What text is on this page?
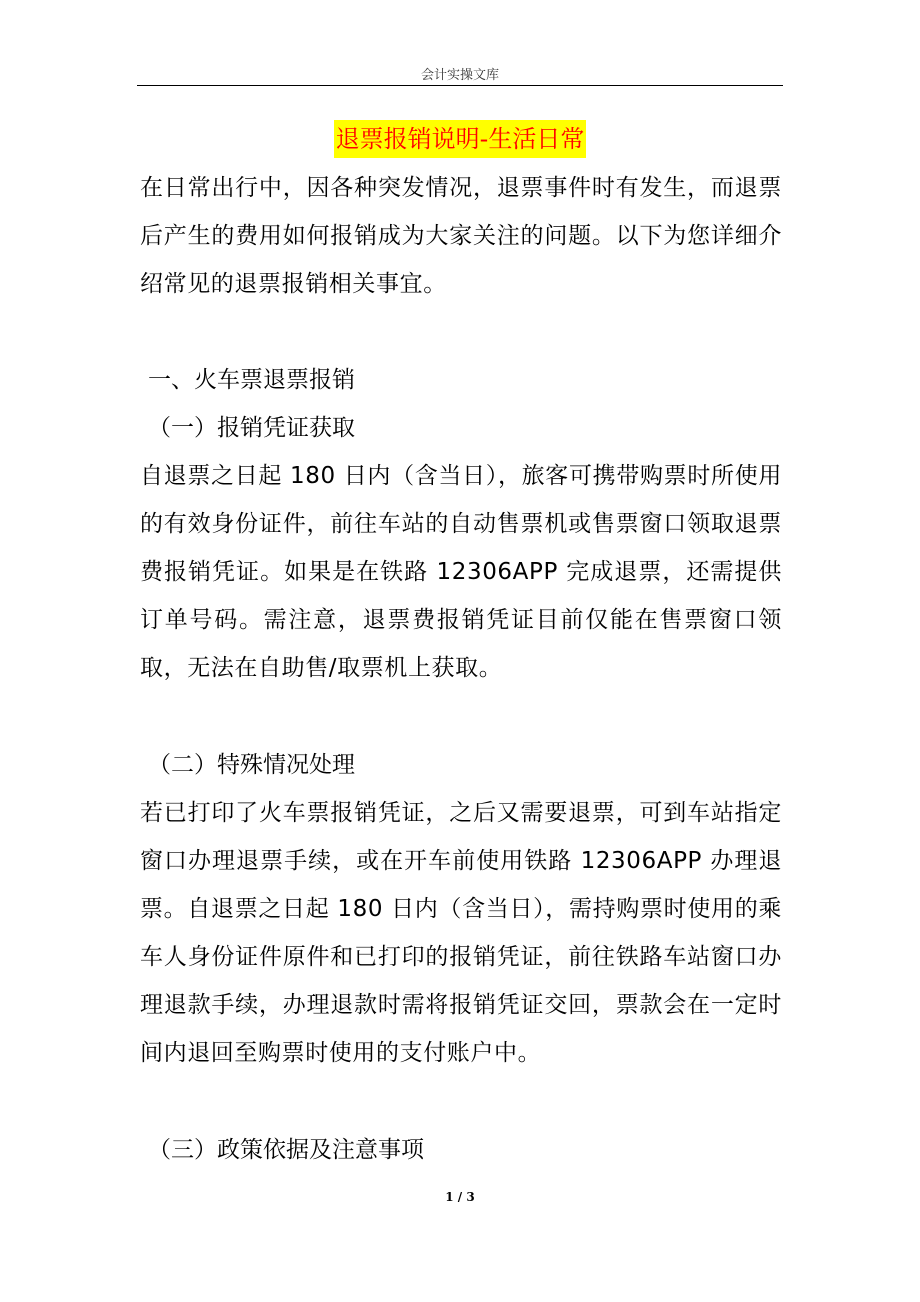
会计实操文库
退票报销说明-生活日常

在日常出行中，因各种突发情况，退票事件时有发生，而退票后产生的费用如何报销成为大家关注的问题。以下为您详细介绍常见的退票报销相关事宜。

一、火车票退票报销
（一）报销凭证获取

自退票之日起 180 日内（含当日），旅客可携带购票时所使用的有效身份证件，前往车站的自动售票机或售票窗口领取退票费报销凭证。如果是在铁路 12306APP 完成退票，还需提供订单号码。需注意，退票费报销凭证目前仅能在售票窗口领取，无法在自助售/取票机上获取。

（二）特殊情况处理

若已打印了火车票报销凭证，之后又需要退票，可到车站指定窗口办理退票手续，或在开车前使用铁路 12306APP 办理退票。自退票之日起 180 日内（含当日），需持购票时使用的乘车人身份证件原件和已打印的报销凭证，前往铁路车站窗口办理退款手续，办理退款时需将报销凭证交回，票款会在一定时间内退回至购票时使用的支付账户中。

（三）政策依据及注意事项
1 / 3
